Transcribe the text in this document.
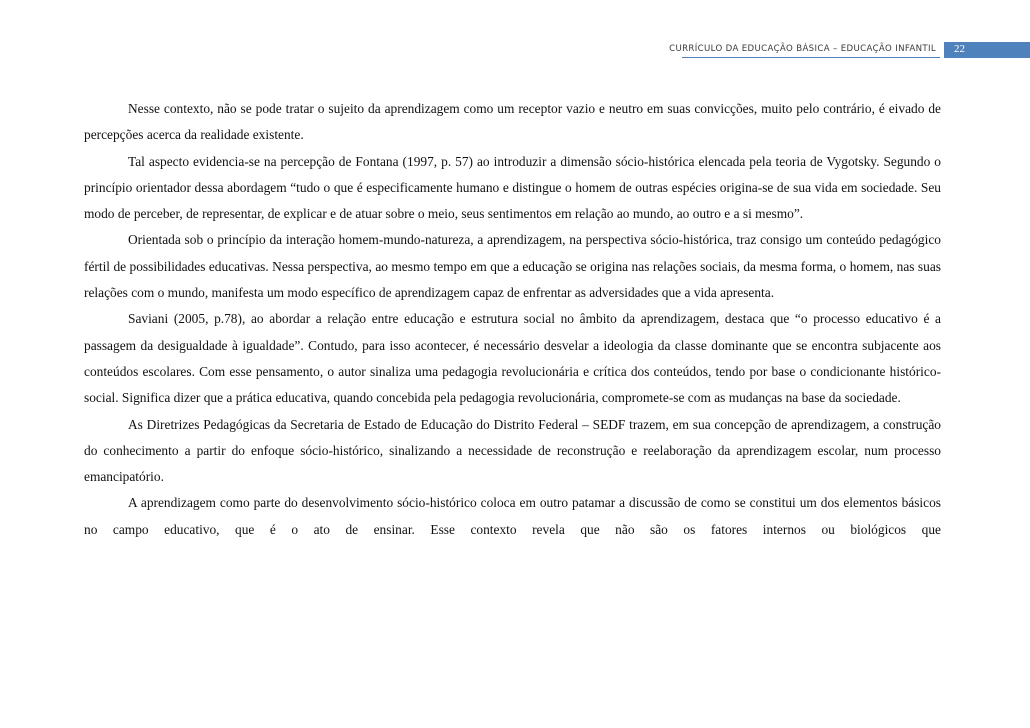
CURRÍCULO DA EDUCAÇÃO BÁSICA – EDUCAÇÃO INFANTIL 22

Nesse contexto, não se pode tratar o sujeito da aprendizagem como um receptor vazio e neutro em suas convicções, muito pelo contrário, é eivado de percepções acerca da realidade existente.

Tal aspecto evidencia-se na percepção de Fontana (1997, p. 57) ao introduzir a dimensão sócio-histórica elencada pela teoria de Vygotsky. Segundo o princípio orientador dessa abordagem “tudo o que é especificamente humano e distingue o homem de outras espécies origina-se de sua vida em sociedade. Seu modo de perceber, de representar, de explicar e de atuar sobre o meio, seus sentimentos em relação ao mundo, ao outro e a si mesmo”.

Orientada sob o princípio da interação homem-mundo-natureza, a aprendizagem, na perspectiva sócio-histórica, traz consigo um conteúdo pedagógico fértil de possibilidades educativas. Nessa perspectiva, ao mesmo tempo em que a educação se origina nas relações sociais, da mesma forma, o homem, nas suas relações com o mundo, manifesta um modo específico de aprendizagem capaz de enfrentar as adversidades que a vida apresenta.

Saviani (2005, p.78), ao abordar a relação entre educação e estrutura social no âmbito da aprendizagem, destaca que “o processo educativo é a passagem da desigualdade à igualdade”. Contudo, para isso acontecer, é necessário desvelar a ideologia da classe dominante que se encontra subjacente aos conteúdos escolares. Com esse pensamento, o autor sinaliza uma pedagogia revolucionária e crítica dos conteúdos, tendo por base o condicionante histórico-social. Significa dizer que a prática educativa, quando concebida pela pedagogia revolucionária, compromete-se com as mudanças na base da sociedade.

As Diretrizes Pedagógicas da Secretaria de Estado de Educação do Distrito Federal – SEDF trazem, em sua concepção de aprendizagem, a construção do conhecimento a partir do enfoque sócio-histórico, sinalizando a necessidade de reconstrução e reelaboração da aprendizagem escolar, num processo emancipatório.

A aprendizagem como parte do desenvolvimento sócio-histórico coloca em outro patamar a discussão de como se constitui um dos elementos básicos no campo educativo, que é o ato de ensinar. Esse contexto revela que não são os fatores internos ou biológicos que
